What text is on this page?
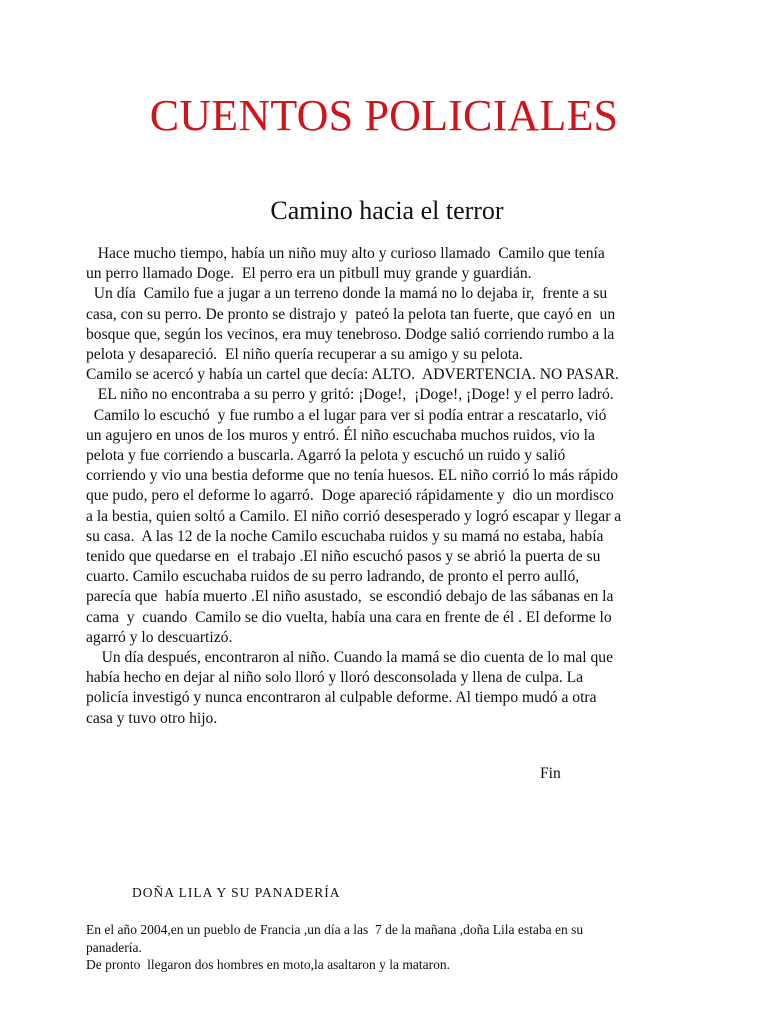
CUENTOS POLICIALES
Camino hacia el terror

Hace mucho tiempo, había un niño muy alto y curioso llamado  Camilo que tenía

un perro llamado Doge.  El perro era un pitbull muy grande y guardián.

Un día  Camilo fue a jugar a un terreno donde la mamá no lo dejaba ir,  frente a su

casa, con su perro. De pronto se distrajo y  pateó la pelota tan fuerte, que cayó en  un

bosque que, según los vecinos, era muy tenebroso. Dodge salió corriendo rumbo a la

pelota y desapareció.  El niño quería recuperar a su amigo y su pelota.

Camilo se acercó y había un cartel que decía: ALTO.  ADVERTENCIA. NO PASAR.

EL niño no encontraba a su perro y gritó: ¡Doge!,  ¡Doge!, ¡Doge! y el perro ladró.

Camilo lo escuchó  y fue rumbo a el lugar para ver si podía entrar a rescatarlo, vió

un agujero en unos de los muros y entró. Él niño escuchaba muchos ruidos, vio la

pelota y fue corriendo a buscarla. Agarró la pelota y escuchó un ruido y salió

corriendo y vio una bestia deforme que no tenía huesos. EL niño corrió lo más rápido

que pudo, pero el deforme lo agarró.  Doge apareció rápidamente y  dio un mordisco

a la bestia, quien soltó a Camilo. El niño corrió desesperado y logró escapar y llegar a

su casa.  A las 12 de la noche Camilo escuchaba ruidos y su mamá no estaba, había

tenido que quedarse en  el trabajo .El niño escuchó pasos y se abrió la puerta de su

cuarto. Camilo escuchaba ruidos de su perro ladrando, de pronto el perro aulló,

parecía que  había muerto .El niño asustado,  se escondió debajo de las sábanas en la

cama  y  cuando  Camilo se dio vuelta, había una cara en frente de él . El deforme lo

agarró y lo descuartizó.

Un día después, encontraron al niño. Cuando la mamá se dio cuenta de lo mal que

había hecho en dejar al niño solo lloró y lloró desconsolada y llena de culpa. La

policía investigó y nunca encontraron al culpable deforme. Al tiempo mudó a otra

casa y tuvo otro hijo.

Fin

DOÑA LILA Y SU PANADERÍA

En el año 2004,en un pueblo de Francia ,un día a las  7 de la mañana ,doña Lila estaba en su

panadería.

De pronto  llegaron dos hombres en moto,la asaltaron y la mataron.
